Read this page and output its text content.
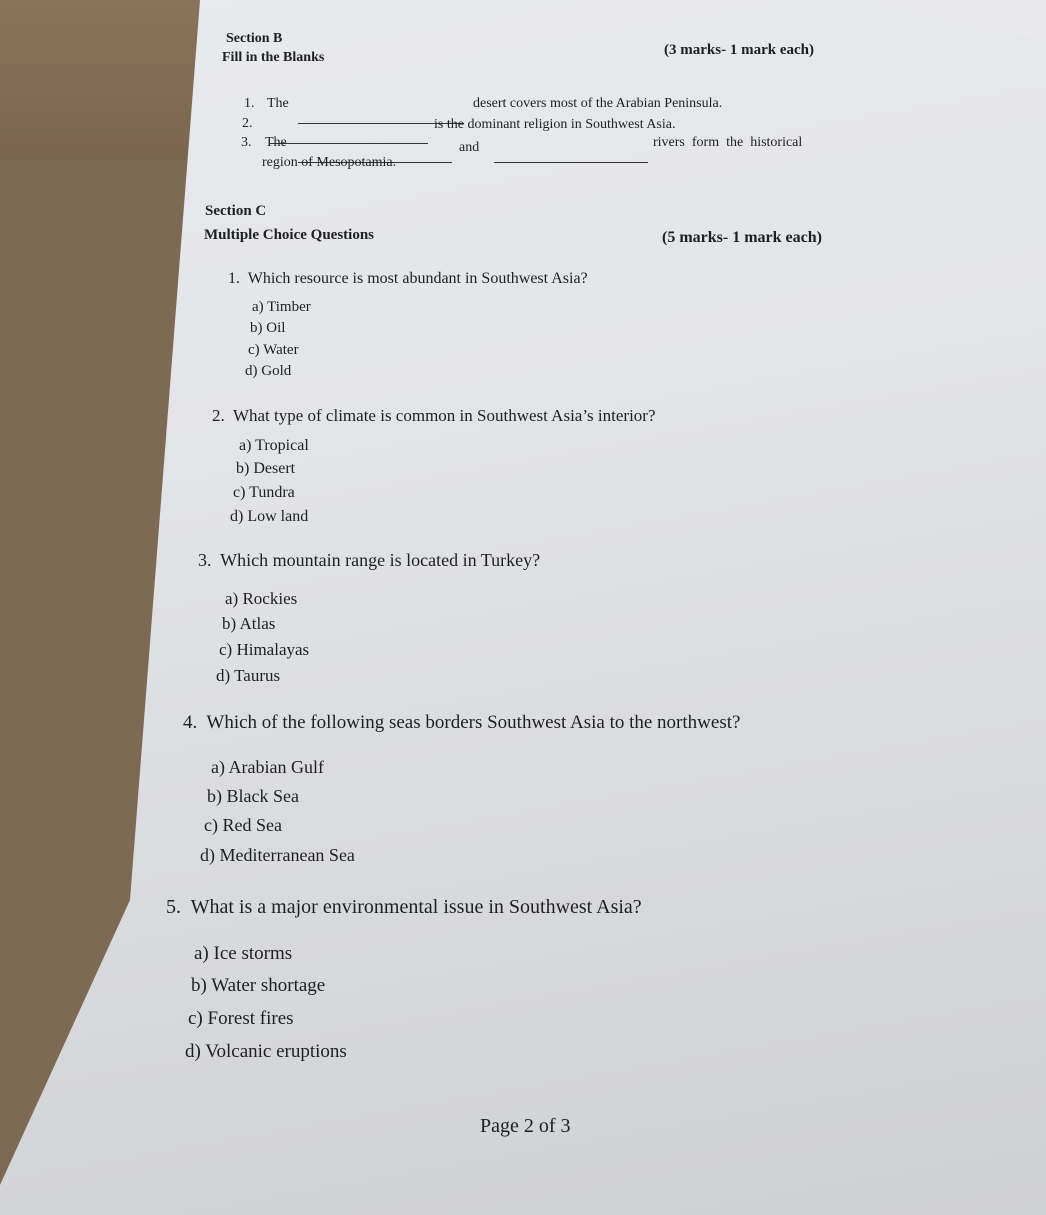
Section B
Fill in the Blanks	(3 marks- 1 mark each)
1. The	desert covers most of the Arabian Peninsula.
2.	is the dominant religion in Southwest Asia.
3. The	and	rivers  form  the  historical
region of Mesopotamia.
Section C
Multiple Choice Questions	(5 marks- 1 mark each)
1.  Which resource is most abundant in Southwest Asia?
a) Timber
b) Oil
c) Water
d) Gold
2.  What type of climate is common in Southwest Asia’s interior?
a) Tropical
b) Desert
c) Tundra
d) Low land
3.  Which mountain range is located in Turkey?
a) Rockies
b) Atlas
c) Himalayas
d) Taurus
4.  Which of the following seas borders Southwest Asia to the northwest?
a) Arabian Gulf
b) Black Sea
c) Red Sea
d) Mediterranean Sea
5.  What is a major environmental issue in Southwest Asia?
a) Ice storms
b) Water shortage
c) Forest fires
d) Volcanic eruptions
Page 2 of 3
